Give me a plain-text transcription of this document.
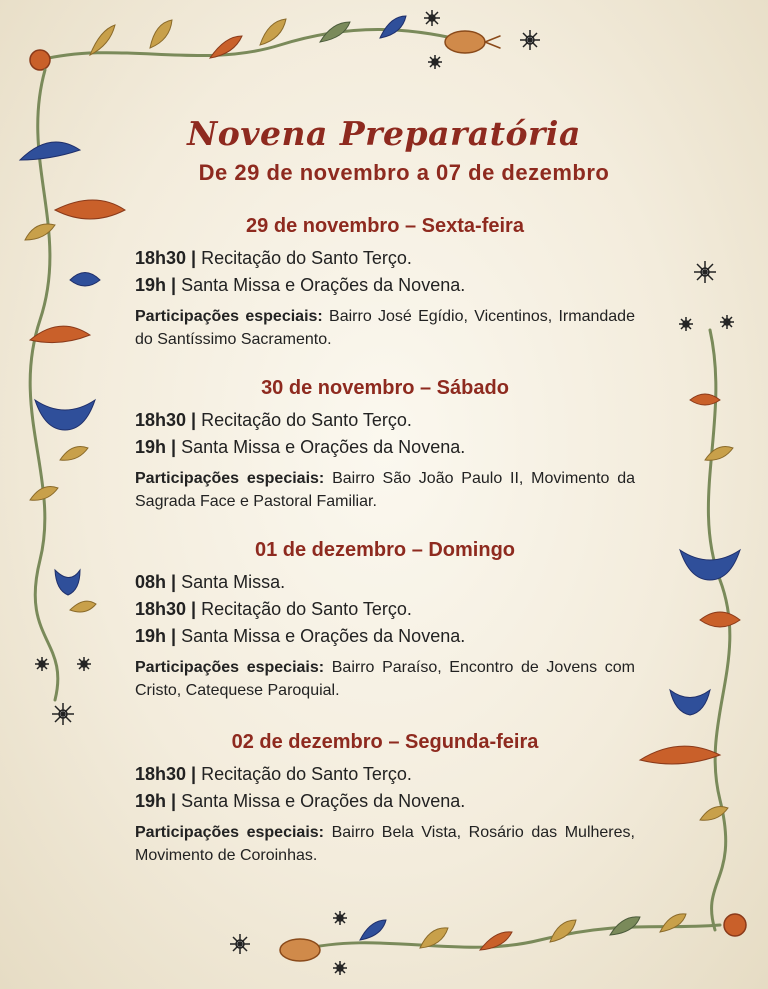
Novena Preparatória
De 29 de novembro a 07 de dezembro
29 de novembro – Sexta-feira

18h30 | Recitação do Santo Terço.

19h | Santa Missa e Orações da Novena.

Participações especiais: Bairro José Egídio, Vicentinos, Irmandade do Santíssimo Sacramento.

30 de novembro – Sábado

18h30 | Recitação do Santo Terço.

19h | Santa Missa e Orações da Novena.

Participações especiais: Bairro São João Paulo II, Movimento da Sagrada Face e Pastoral Familiar.

01 de dezembro – Domingo

08h | Santa Missa.

18h30 | Recitação do Santo Terço.

19h | Santa Missa e Orações da Novena.

Participações especiais: Bairro Paraíso, Encontro de Jovens com Cristo, Catequese Paroquial.

02 de dezembro – Segunda-feira

18h30 | Recitação do Santo Terço.

19h | Santa Missa e Orações da Novena.

Participações especiais: Bairro Bela Vista, Rosário das Mulheres, Movimento de Coroinhas.
